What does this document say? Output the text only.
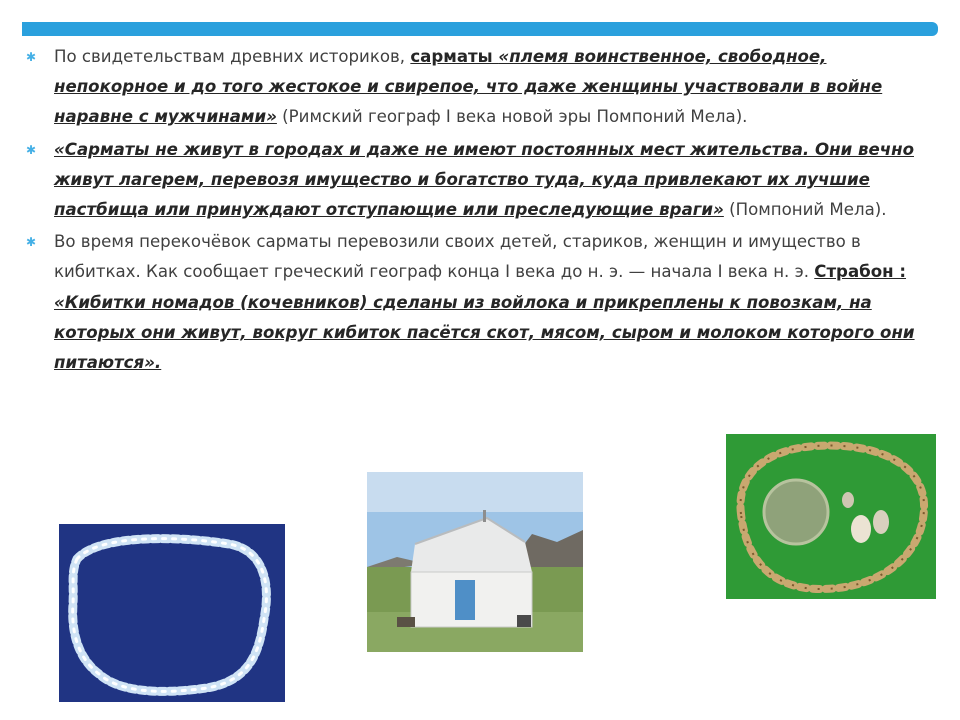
✱ По свидетельствам древних историков, сарматы «племя воинственное, свободное, непокорное и до того жестокое и свирепое, что даже женщины участвовали в войне наравне с мужчинами» (Римский географ I века новой эры Помпоний Мела).

✱ «Сарматы не живут в городах и даже не имеют постоянных мест жительства. Они вечно живут лагерем, перевозя имущество и богатство туда, куда привлекают их лучшие пастбища или принуждают отступающие или преследующие враги» (Помпоний Мела).

✱ Во время перекочёвок сарматы перевозили своих детей, стариков, женщин и имущество в кибитках. Как сообщает греческий географ конца I века до н. э. — начала I века н. э. Страбон : «Кибитки номадов (кочевников) сделаны из войлока и прикреплены к повозкам, на которых они живут, вокруг кибиток пасётся скот, мясом, сыром и молоком которого они питаются».
